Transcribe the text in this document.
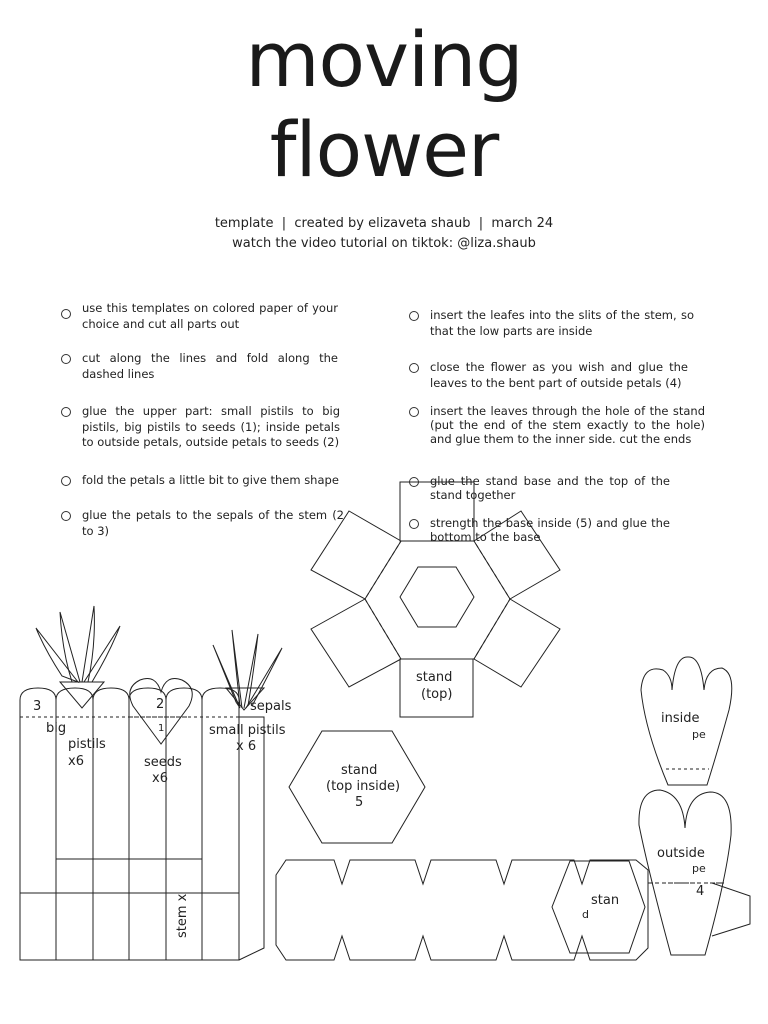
moving
flower
template  |  created by elizaveta shaub  |  march 24
watch the video tutorial on tiktok: @liza.shaub
use this templates on colored paper of your choice and cut all parts out
cut along the lines and fold along the dashed lines
glue the upper part: small pistils to big pistils, big pistils to seeds (1); inside petals to outside petals, outside petals to seeds (2)
fold the petals a little bit to give them shape
glue the petals to the sepals of the stem (2 to 3)
insert the leafes into the slits of the stem, so that the low parts are inside
close the flower as you wish and glue the leaves to the bent part of outside petals (4)
insert the leaves through the hole of the stand (put the end of the stem exactly to the hole) and glue them to the inner side. cut the ends
glue the stand base and the top of the stand together
strength the base inside (5) and glue the bottom to the base
stand
(top)
stand
(top inside)
5
sepals
small pistils
x 6
big
pistils
x6	seeds
x6
3	2
1
stem x
inside
pe
outside
pe
4
stan
d
